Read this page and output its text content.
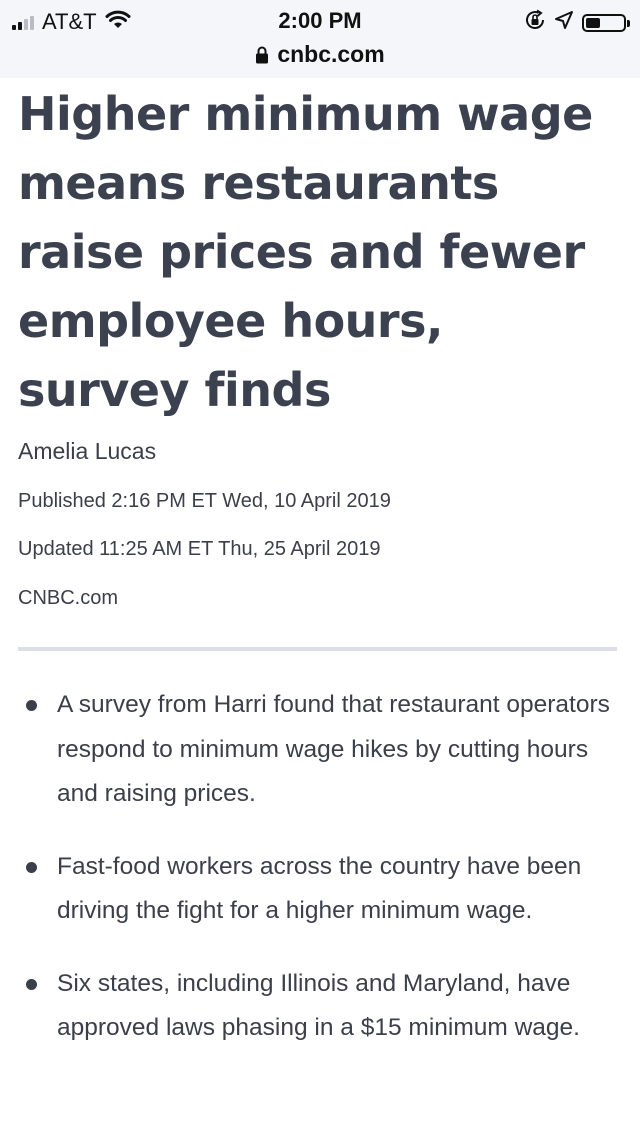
AT&T	2:00 PM
cnbc.com
Higher minimum wage means restaurants raise prices and fewer employee hours, survey finds
Amelia Lucas
Published 2:16 PM ET Wed, 10 April 2019
Updated 11:25 AM ET Thu, 25 April 2019
CNBC.com
A survey from Harri found that restaurant operators respond to minimum wage hikes by cutting hours and raising prices.
Fast-food workers across the country have been driving the fight for a higher minimum wage.
Six states, including Illinois and Maryland, have approved laws phasing in a $15 minimum wage.
